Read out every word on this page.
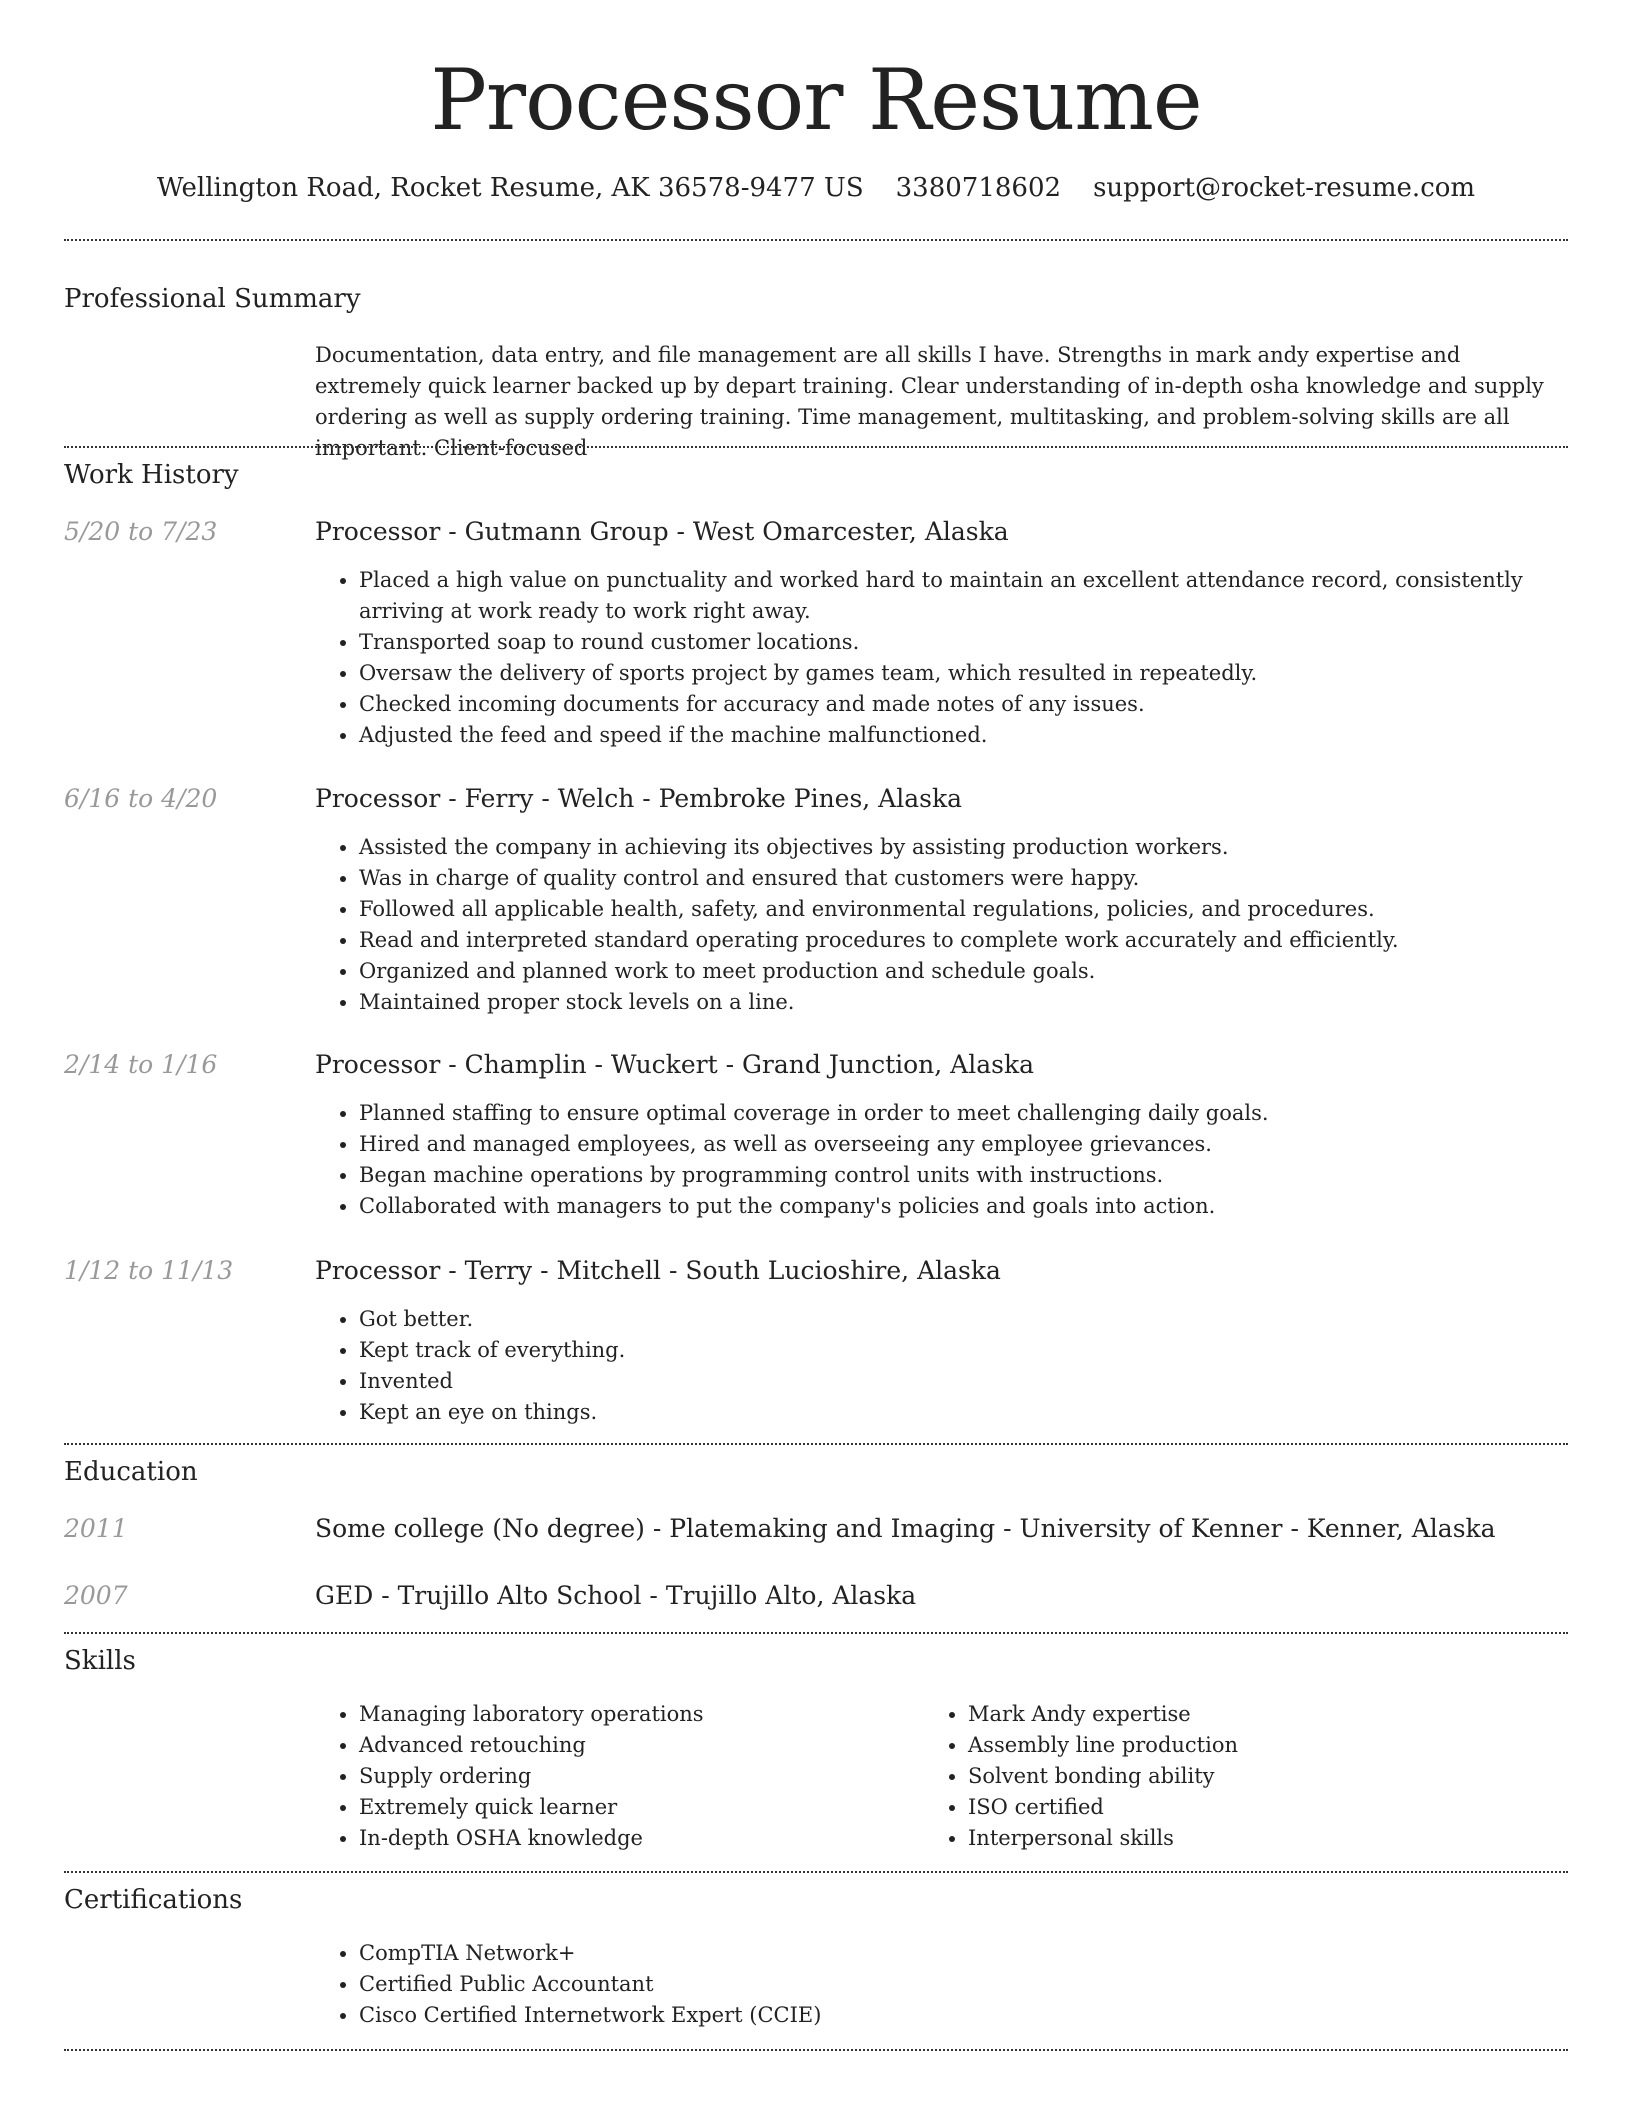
Processor Resume
Wellington Road, Rocket Resume, AK 36578-9477 US 3380718602 support@rocket-resume.com
Professional Summary
Documentation, data entry, and file management are all skills I have. Strengths in mark andy expertise and extremely quick learner backed up by depart training. Clear understanding of in-depth osha knowledge and supply ordering as well as supply ordering training. Time management, multitasking, and problem-solving skills are all important. Client-focused
Work History
5/20 to 7/23	Processor - Gutmann Group - West Omarcester, Alaska
• Placed a high value on punctuality and worked hard to maintain an excellent attendance record, consistently arriving at work ready to work right away.
• Transported soap to round customer locations.
• Oversaw the delivery of sports project by games team, which resulted in repeatedly.
• Checked incoming documents for accuracy and made notes of any issues.
• Adjusted the feed and speed if the machine malfunctioned.
6/16 to 4/20	Processor - Ferry - Welch - Pembroke Pines, Alaska
• Assisted the company in achieving its objectives by assisting production workers.
• Was in charge of quality control and ensured that customers were happy.
• Followed all applicable health, safety, and environmental regulations, policies, and procedures.
• Read and interpreted standard operating procedures to complete work accurately and efficiently.
• Organized and planned work to meet production and schedule goals.
• Maintained proper stock levels on a line.
2/14 to 1/16	Processor - Champlin - Wuckert - Grand Junction, Alaska
• Planned staffing to ensure optimal coverage in order to meet challenging daily goals.
• Hired and managed employees, as well as overseeing any employee grievances.
• Began machine operations by programming control units with instructions.
• Collaborated with managers to put the company's policies and goals into action.
1/12 to 11/13	Processor - Terry - Mitchell - South Lucioshire, Alaska
• Got better.
• Kept track of everything.
• Invented
• Kept an eye on things.
Education
2011	Some college (No degree) - Platemaking and Imaging - University of Kenner - Kenner, Alaska
2007	GED - Trujillo Alto School - Trujillo Alto, Alaska
Skills
• Managing laboratory operations
• Advanced retouching
• Supply ordering
• Extremely quick learner
• In-depth OSHA knowledge
• Mark Andy expertise
• Assembly line production
• Solvent bonding ability
• ISO certified
• Interpersonal skills
Certifications
• CompTIA Network+
• Certified Public Accountant
• Cisco Certified Internetwork Expert (CCIE)
